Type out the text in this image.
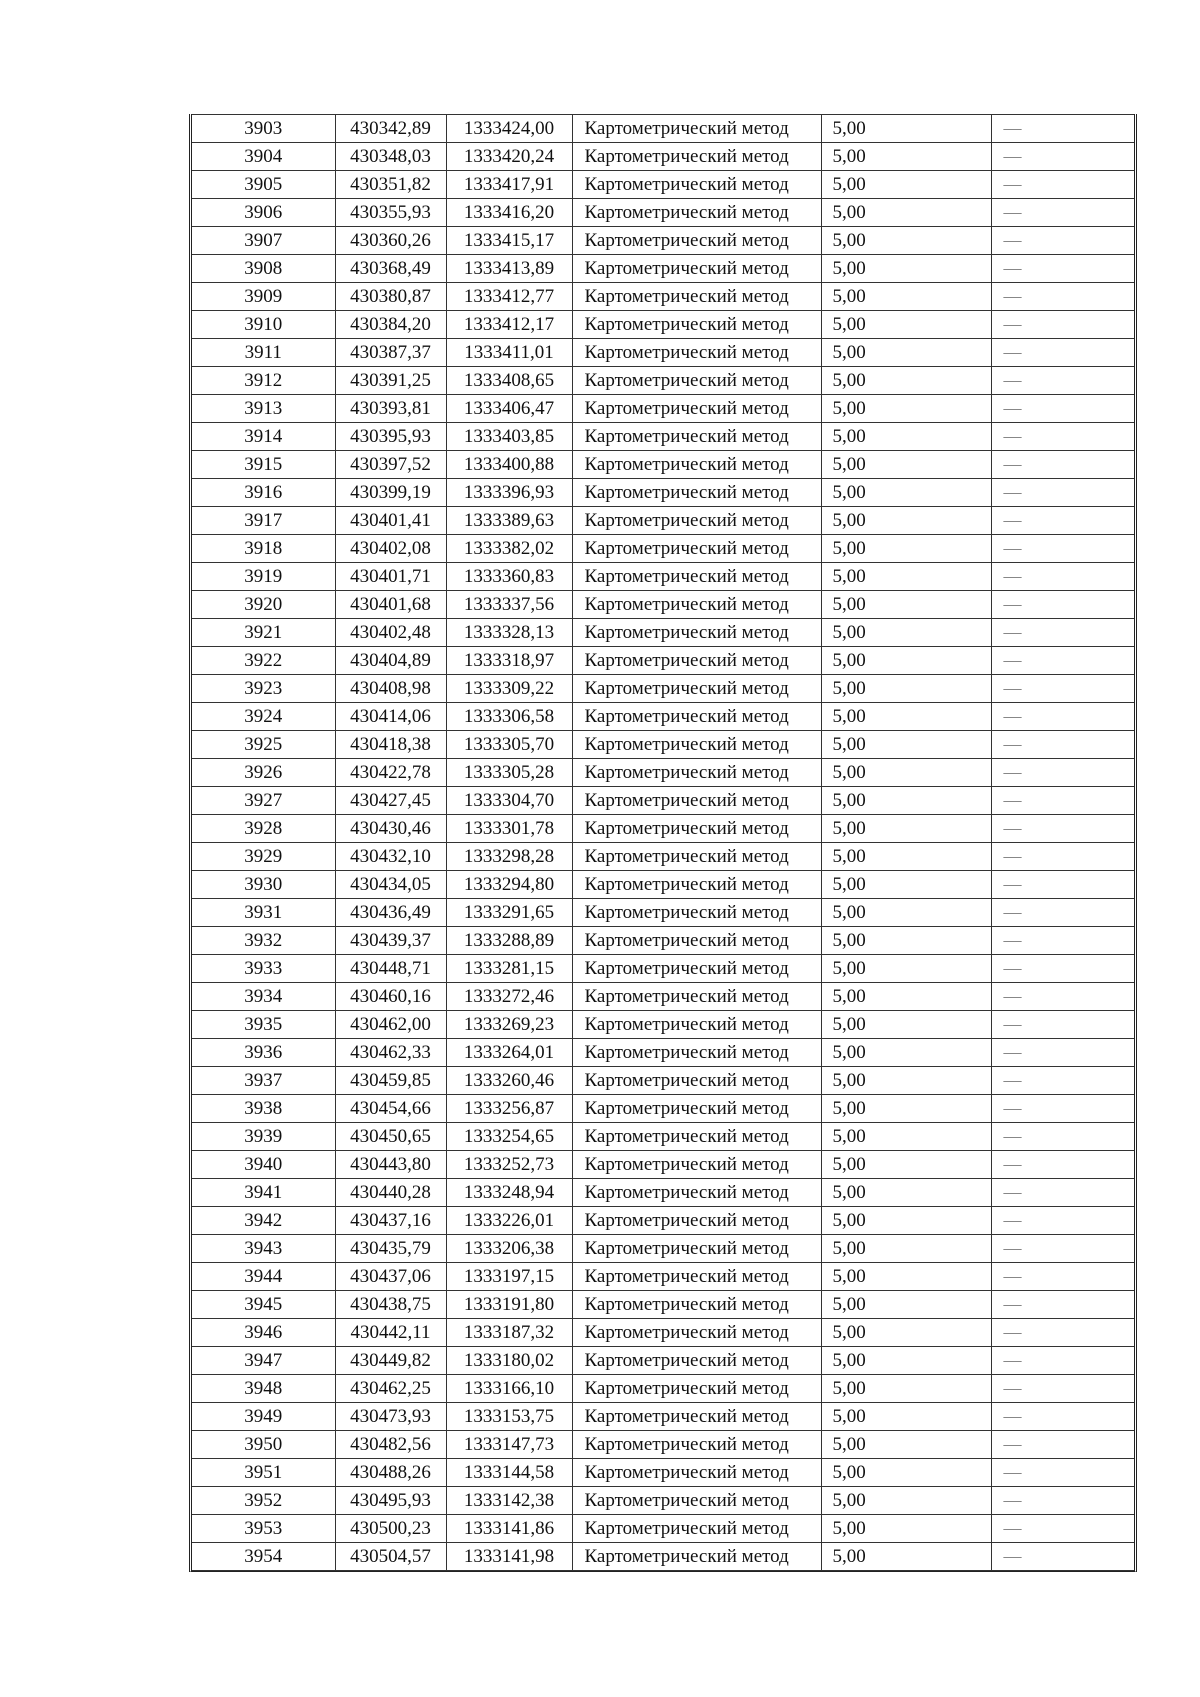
3903	430342,89	1333424,00	Картометрический метод	5,00	—
3904	430348,03	1333420,24	Картометрический метод	5,00	—
3905	430351,82	1333417,91	Картометрический метод	5,00	—
3906	430355,93	1333416,20	Картометрический метод	5,00	—
3907	430360,26	1333415,17	Картометрический метод	5,00	—
3908	430368,49	1333413,89	Картометрический метод	5,00	—
3909	430380,87	1333412,77	Картометрический метод	5,00	—
3910	430384,20	1333412,17	Картометрический метод	5,00	—
3911	430387,37	1333411,01	Картометрический метод	5,00	—
3912	430391,25	1333408,65	Картометрический метод	5,00	—
3913	430393,81	1333406,47	Картометрический метод	5,00	—
3914	430395,93	1333403,85	Картометрический метод	5,00	—
3915	430397,52	1333400,88	Картометрический метод	5,00	—
3916	430399,19	1333396,93	Картометрический метод	5,00	—
3917	430401,41	1333389,63	Картометрический метод	5,00	—
3918	430402,08	1333382,02	Картометрический метод	5,00	—
3919	430401,71	1333360,83	Картометрический метод	5,00	—
3920	430401,68	1333337,56	Картометрический метод	5,00	—
3921	430402,48	1333328,13	Картометрический метод	5,00	—
3922	430404,89	1333318,97	Картометрический метод	5,00	—
3923	430408,98	1333309,22	Картометрический метод	5,00	—
3924	430414,06	1333306,58	Картометрический метод	5,00	—
3925	430418,38	1333305,70	Картометрический метод	5,00	—
3926	430422,78	1333305,28	Картометрический метод	5,00	—
3927	430427,45	1333304,70	Картометрический метод	5,00	—
3928	430430,46	1333301,78	Картометрический метод	5,00	—
3929	430432,10	1333298,28	Картометрический метод	5,00	—
3930	430434,05	1333294,80	Картометрический метод	5,00	—
3931	430436,49	1333291,65	Картометрический метод	5,00	—
3932	430439,37	1333288,89	Картометрический метод	5,00	—
3933	430448,71	1333281,15	Картометрический метод	5,00	—
3934	430460,16	1333272,46	Картометрический метод	5,00	—
3935	430462,00	1333269,23	Картометрический метод	5,00	—
3936	430462,33	1333264,01	Картометрический метод	5,00	—
3937	430459,85	1333260,46	Картометрический метод	5,00	—
3938	430454,66	1333256,87	Картометрический метод	5,00	—
3939	430450,65	1333254,65	Картометрический метод	5,00	—
3940	430443,80	1333252,73	Картометрический метод	5,00	—
3941	430440,28	1333248,94	Картометрический метод	5,00	—
3942	430437,16	1333226,01	Картометрический метод	5,00	—
3943	430435,79	1333206,38	Картометрический метод	5,00	—
3944	430437,06	1333197,15	Картометрический метод	5,00	—
3945	430438,75	1333191,80	Картометрический метод	5,00	—
3946	430442,11	1333187,32	Картометрический метод	5,00	—
3947	430449,82	1333180,02	Картометрический метод	5,00	—
3948	430462,25	1333166,10	Картометрический метод	5,00	—
3949	430473,93	1333153,75	Картометрический метод	5,00	—
3950	430482,56	1333147,73	Картометрический метод	5,00	—
3951	430488,26	1333144,58	Картометрический метод	5,00	—
3952	430495,93	1333142,38	Картометрический метод	5,00	—
3953	430500,23	1333141,86	Картометрический метод	5,00	—
3954	430504,57	1333141,98	Картометрический метод	5,00	—
